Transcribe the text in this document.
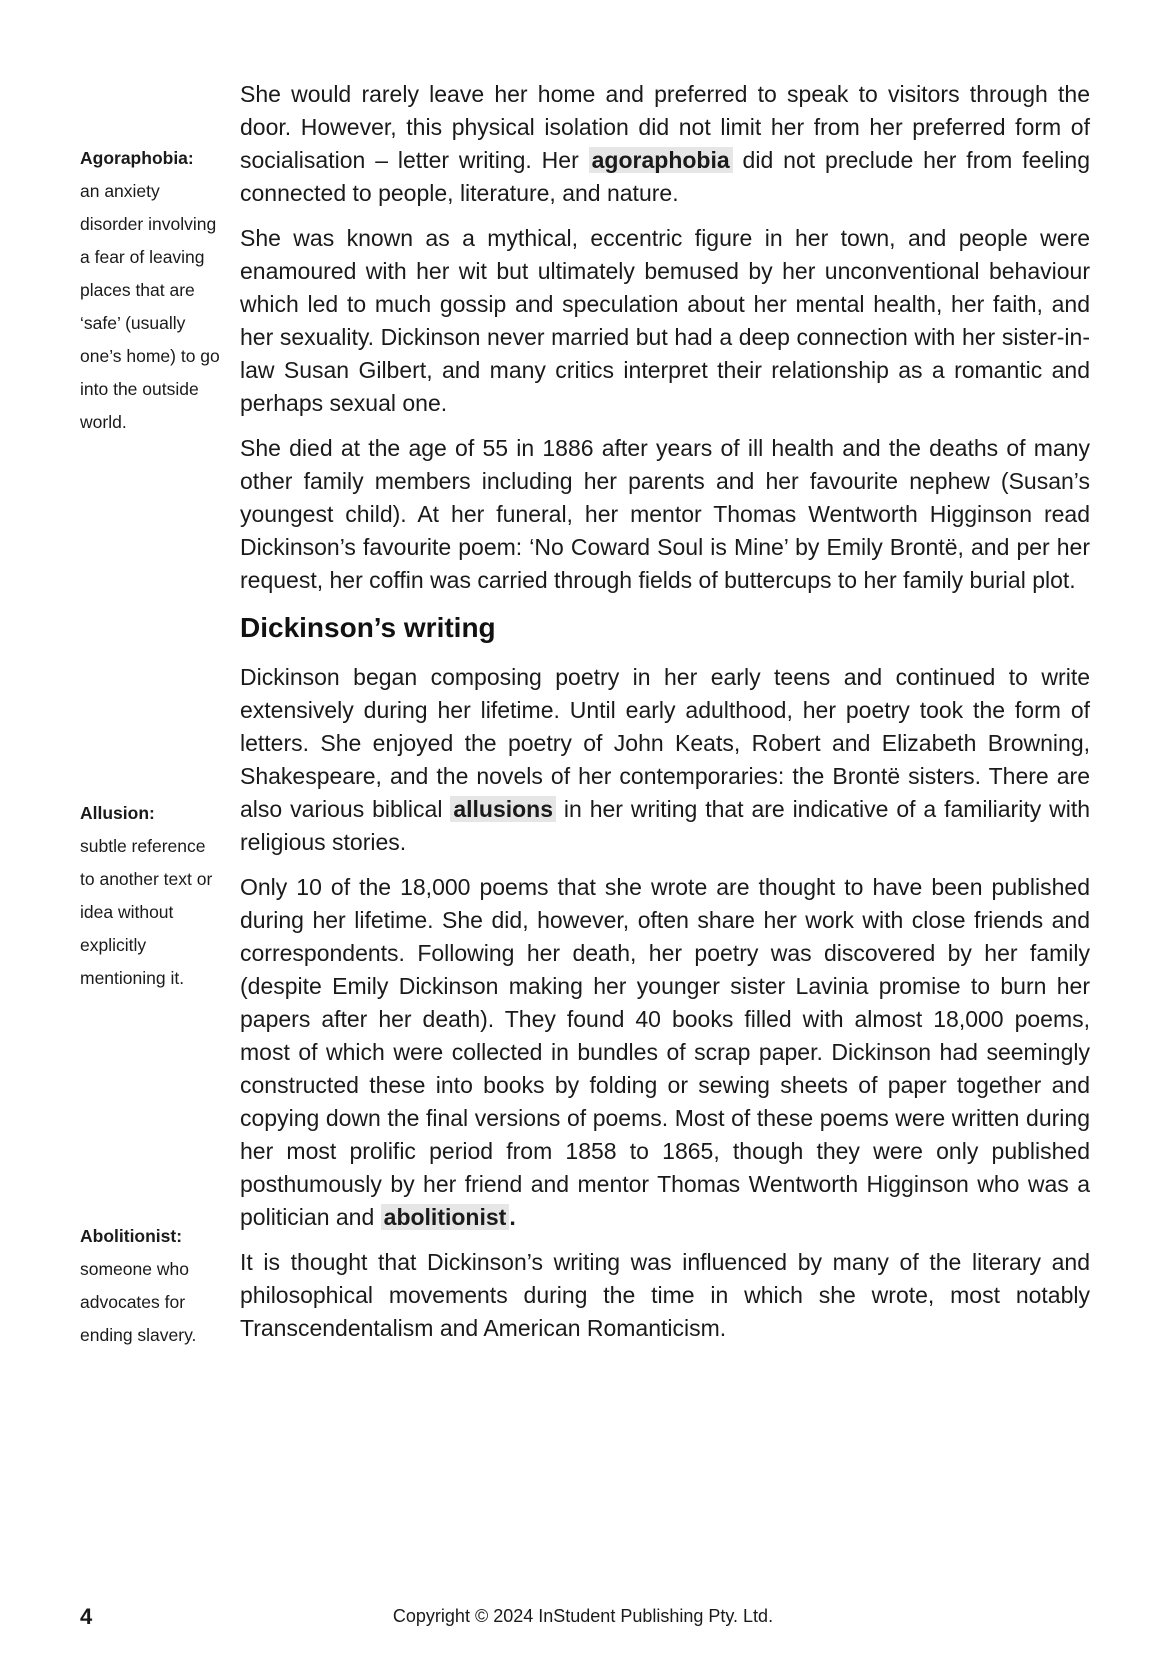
Agoraphobia:
an anxiety disorder involving a fear of leaving places that are ‘safe’ (usually one’s home) to go into the outside world.
Allusion:
subtle reference to another text or idea without explicitly mentioning it.
Abolitionist:
someone who advocates for ending slavery.

She would rarely leave her home and preferred to speak to visitors through the door. However, this physical isolation did not limit her from her preferred form of socialisation – letter writing. Her agoraphobia did not preclude her from feeling connected to people, literature, and nature.

She was known as a mythical, eccentric figure in her town, and people were enamoured with her wit but ultimately bemused by her unconventional behaviour which led to much gossip and speculation about her mental health, her faith, and her sexuality. Dickinson never married but had a deep connection with her sister-in-law Susan Gilbert, and many critics interpret their relationship as a romantic and perhaps sexual one.

She died at the age of 55 in 1886 after years of ill health and the deaths of many other family members including her parents and her favourite nephew (Susan’s youngest child). At her funeral, her mentor Thomas Wentworth Higginson read Dickinson’s favourite poem: ‘No Coward Soul is Mine’ by Emily Brontë, and per her request, her coffin was carried through fields of buttercups to her family burial plot.

Dickinson’s writing

Dickinson began composing poetry in her early teens and continued to write extensively during her lifetime. Until early adulthood, her poetry took the form of letters. She enjoyed the poetry of John Keats, Robert and Elizabeth Browning, Shakespeare, and the novels of her contemporaries: the Brontë sisters. There are also various biblical allusions in her writing that are indicative of a familiarity with religious stories.

Only 10 of the 18,000 poems that she wrote are thought to have been published during her lifetime. She did, however, often share her work with close friends and correspondents. Following her death, her poetry was discovered by her family (despite Emily Dickinson making her younger sister Lavinia promise to burn her papers after her death). They found 40 books filled with almost 18,000 poems, most of which were collected in bundles of scrap paper. Dickinson had seemingly constructed these into books by folding or sewing sheets of paper together and copying down the final versions of poems. Most of these poems were written during her most prolific period from 1858 to 1865, though they were only published posthumously by her friend and mentor Thomas Wentworth Higginson who was a politician and abolitionist .

It is thought that Dickinson’s writing was influenced by many of the literary and philosophical movements during the time in which she wrote, most notably Transcendentalism and American Romanticism.

4	Copyright © 2024 InStudent Publishing Pty. Ltd.
